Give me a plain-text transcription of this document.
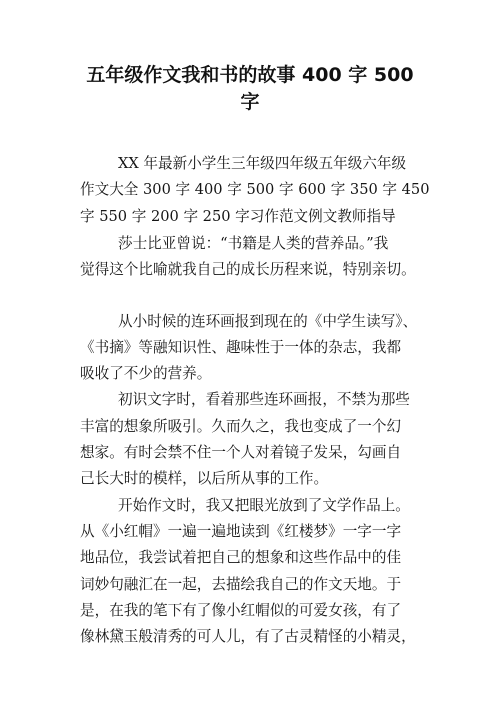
五年级作文我和书的故事 400 字 500
字
XX 年最新小学生三年级四年级五年级六年级
作文大全 300 字 400 字 500 字 600 字 350 字 450
字 550 字 200 字 250 字习作范文例文教师指导
莎士比亚曾说：“书籍是人类的营养品。”我
觉得这个比喻就我自己的成长历程来说，特别亲切。
从小时候的连环画报到现在的《中学生读写》、
《书摘》等融知识性、趣味性于一体的杂志，我都
吸收了不少的营养。
初识文字时，看着那些连环画报，不禁为那些
丰富的想象所吸引。久而久之，我也变成了一个幻
想家。有时会禁不住一个人对着镜子发呆，勾画自
己长大时的模样，以后所从事的工作。
开始作文时，我又把眼光放到了文学作品上。
从《小红帽》一遍一遍地读到《红楼梦》一字一字
地品位，我尝试着把自己的想象和这些作品中的佳
词妙句融汇在一起，去描绘我自己的作文天地。于
是，在我的笔下有了像小红帽似的可爱女孩，有了
像林黛玉般清秀的可人儿，有了古灵精怪的小精灵，
